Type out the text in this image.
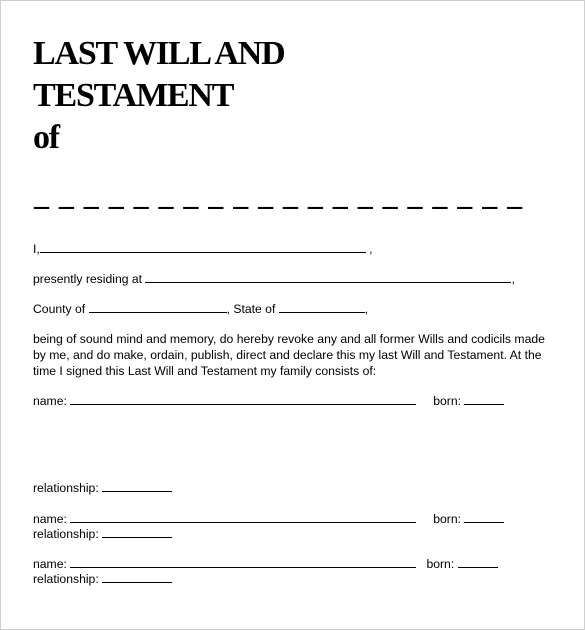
LAST WILL AND
TESTAMENT
of
_ _ _ _ _ _ _ _ _ _ _ _ _ _ _ _ _ _ _ _
I,	,
presently residing at	,
County of	, State of	,
being of sound mind and memory, do hereby revoke any and all former Wills and codicils made by me, and do make, ordain, publish, direct and declare this my last Will and Testament. At the time I signed this Last Will and Testament my family consists of:
name:	born:
relationship:
name:	born:
relationship:
name:	born:
relationship:
